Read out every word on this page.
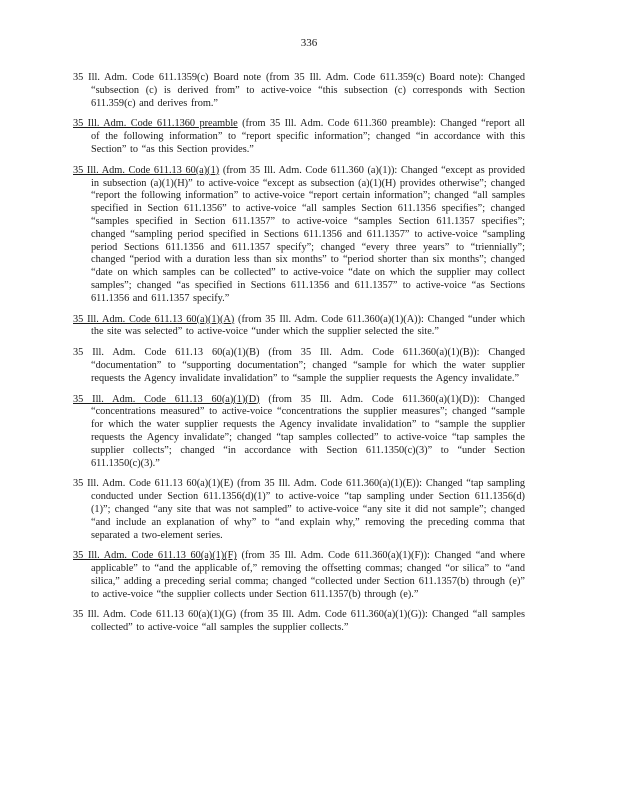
336
35 Ill. Adm. Code 611.1359(c) Board note (from 35 Ill. Adm. Code 611.359(c) Board note): Changed “subsection (c) is derived from” to active-voice “this subsection (c) corresponds with Section 611.359(c) and derives from.”
35 Ill. Adm. Code 611.1360 preamble (from 35 Ill. Adm. Code 611.360 preamble): Changed “report all of the following information” to “report specific information”; changed “in accordance with this Section” to “as this Section provides.”
35 Ill. Adm. Code 611.13 60(a)(1) (from 35 Ill. Adm. Code 611.360 (a)(1)): Changed “except as provided in subsection (a)(1)(H)” to active-voice “except as subsection (a)(1)(H) provides otherwise”; changed “report the following information” to active-voice “report certain information”; changed “all samples specified in Section 611.1356” to active-voice “all samples Section 611.1356 specifies”; changed “samples specified in Section 611.1357” to active-voice “samples Section 611.1357 specifies”; changed “sampling period specified in Sections 611.1356 and 611.1357” to active-voice “sampling period Sections 611.1356 and 611.1357 specify”; changed “every three years” to “triennially”; changed “period with a duration less than six months” to “period shorter than six months”; changed “date on which samples can be collected” to active-voice “date on which the supplier may collect samples”; changed “as specified in Sections 611.1356 and 611.1357” to active-voice “as Sections 611.1356 and 611.1357 specify.”
35 Ill. Adm. Code 611.13 60(a)(1)(A) (from 35 Ill. Adm. Code 611.360(a)(1)(A)): Changed “under which the site was selected” to active-voice “under which the supplier selected the site.”
35 Ill. Adm. Code 611.13 60(a)(1)(B) (from 35 Ill. Adm. Code 611.360(a)(1)(B)): Changed “documentation” to “supporting documentation”; changed “sample for which the water supplier requests the Agency invalidate invalidation” to “sample the supplier requests the Agency invalidate.”
35 Ill. Adm. Code 611.13 60(a)(1)(D) (from 35 Ill. Adm. Code 611.360(a)(1)(D)): Changed “concentrations measured” to active-voice “concentrations the supplier measures”; changed “sample for which the water supplier requests the Agency invalidate invalidation” to “sample the supplier requests the Agency invalidate”; changed “tap samples collected” to active-voice “tap samples the supplier collects”; changed “in accordance with Section 611.1350(c)(3)” to “under Section 611.1350(c)(3).”
35 Ill. Adm. Code 611.13 60(a)(1)(E) (from 35 Ill. Adm. Code 611.360(a)(1)(E)): Changed “tap sampling conducted under Section 611.1356(d)(1)” to active-voice “tap sampling under Section 611.1356(d)(1)”; changed “any site that was not sampled” to active-voice “any site it did not sample”; changed “and include an explanation of why” to “and explain why,” removing the preceding comma that separated a two-element series.
35 Ill. Adm. Code 611.13 60(a)(1)(F) (from 35 Ill. Adm. Code 611.360(a)(1)(F)): Changed “and where applicable” to “and the applicable of,” removing the offsetting commas; changed “or silica” to “and silica,” adding a preceding serial comma; changed “collected under Section 611.1357(b) through (e)” to active-voice “the supplier collects under Section 611.1357(b) through (e).”
35 Ill. Adm. Code 611.13 60(a)(1)(G) (from 35 Ill. Adm. Code 611.360(a)(1)(G)): Changed “all samples collected” to active-voice “all samples the supplier collects.”
